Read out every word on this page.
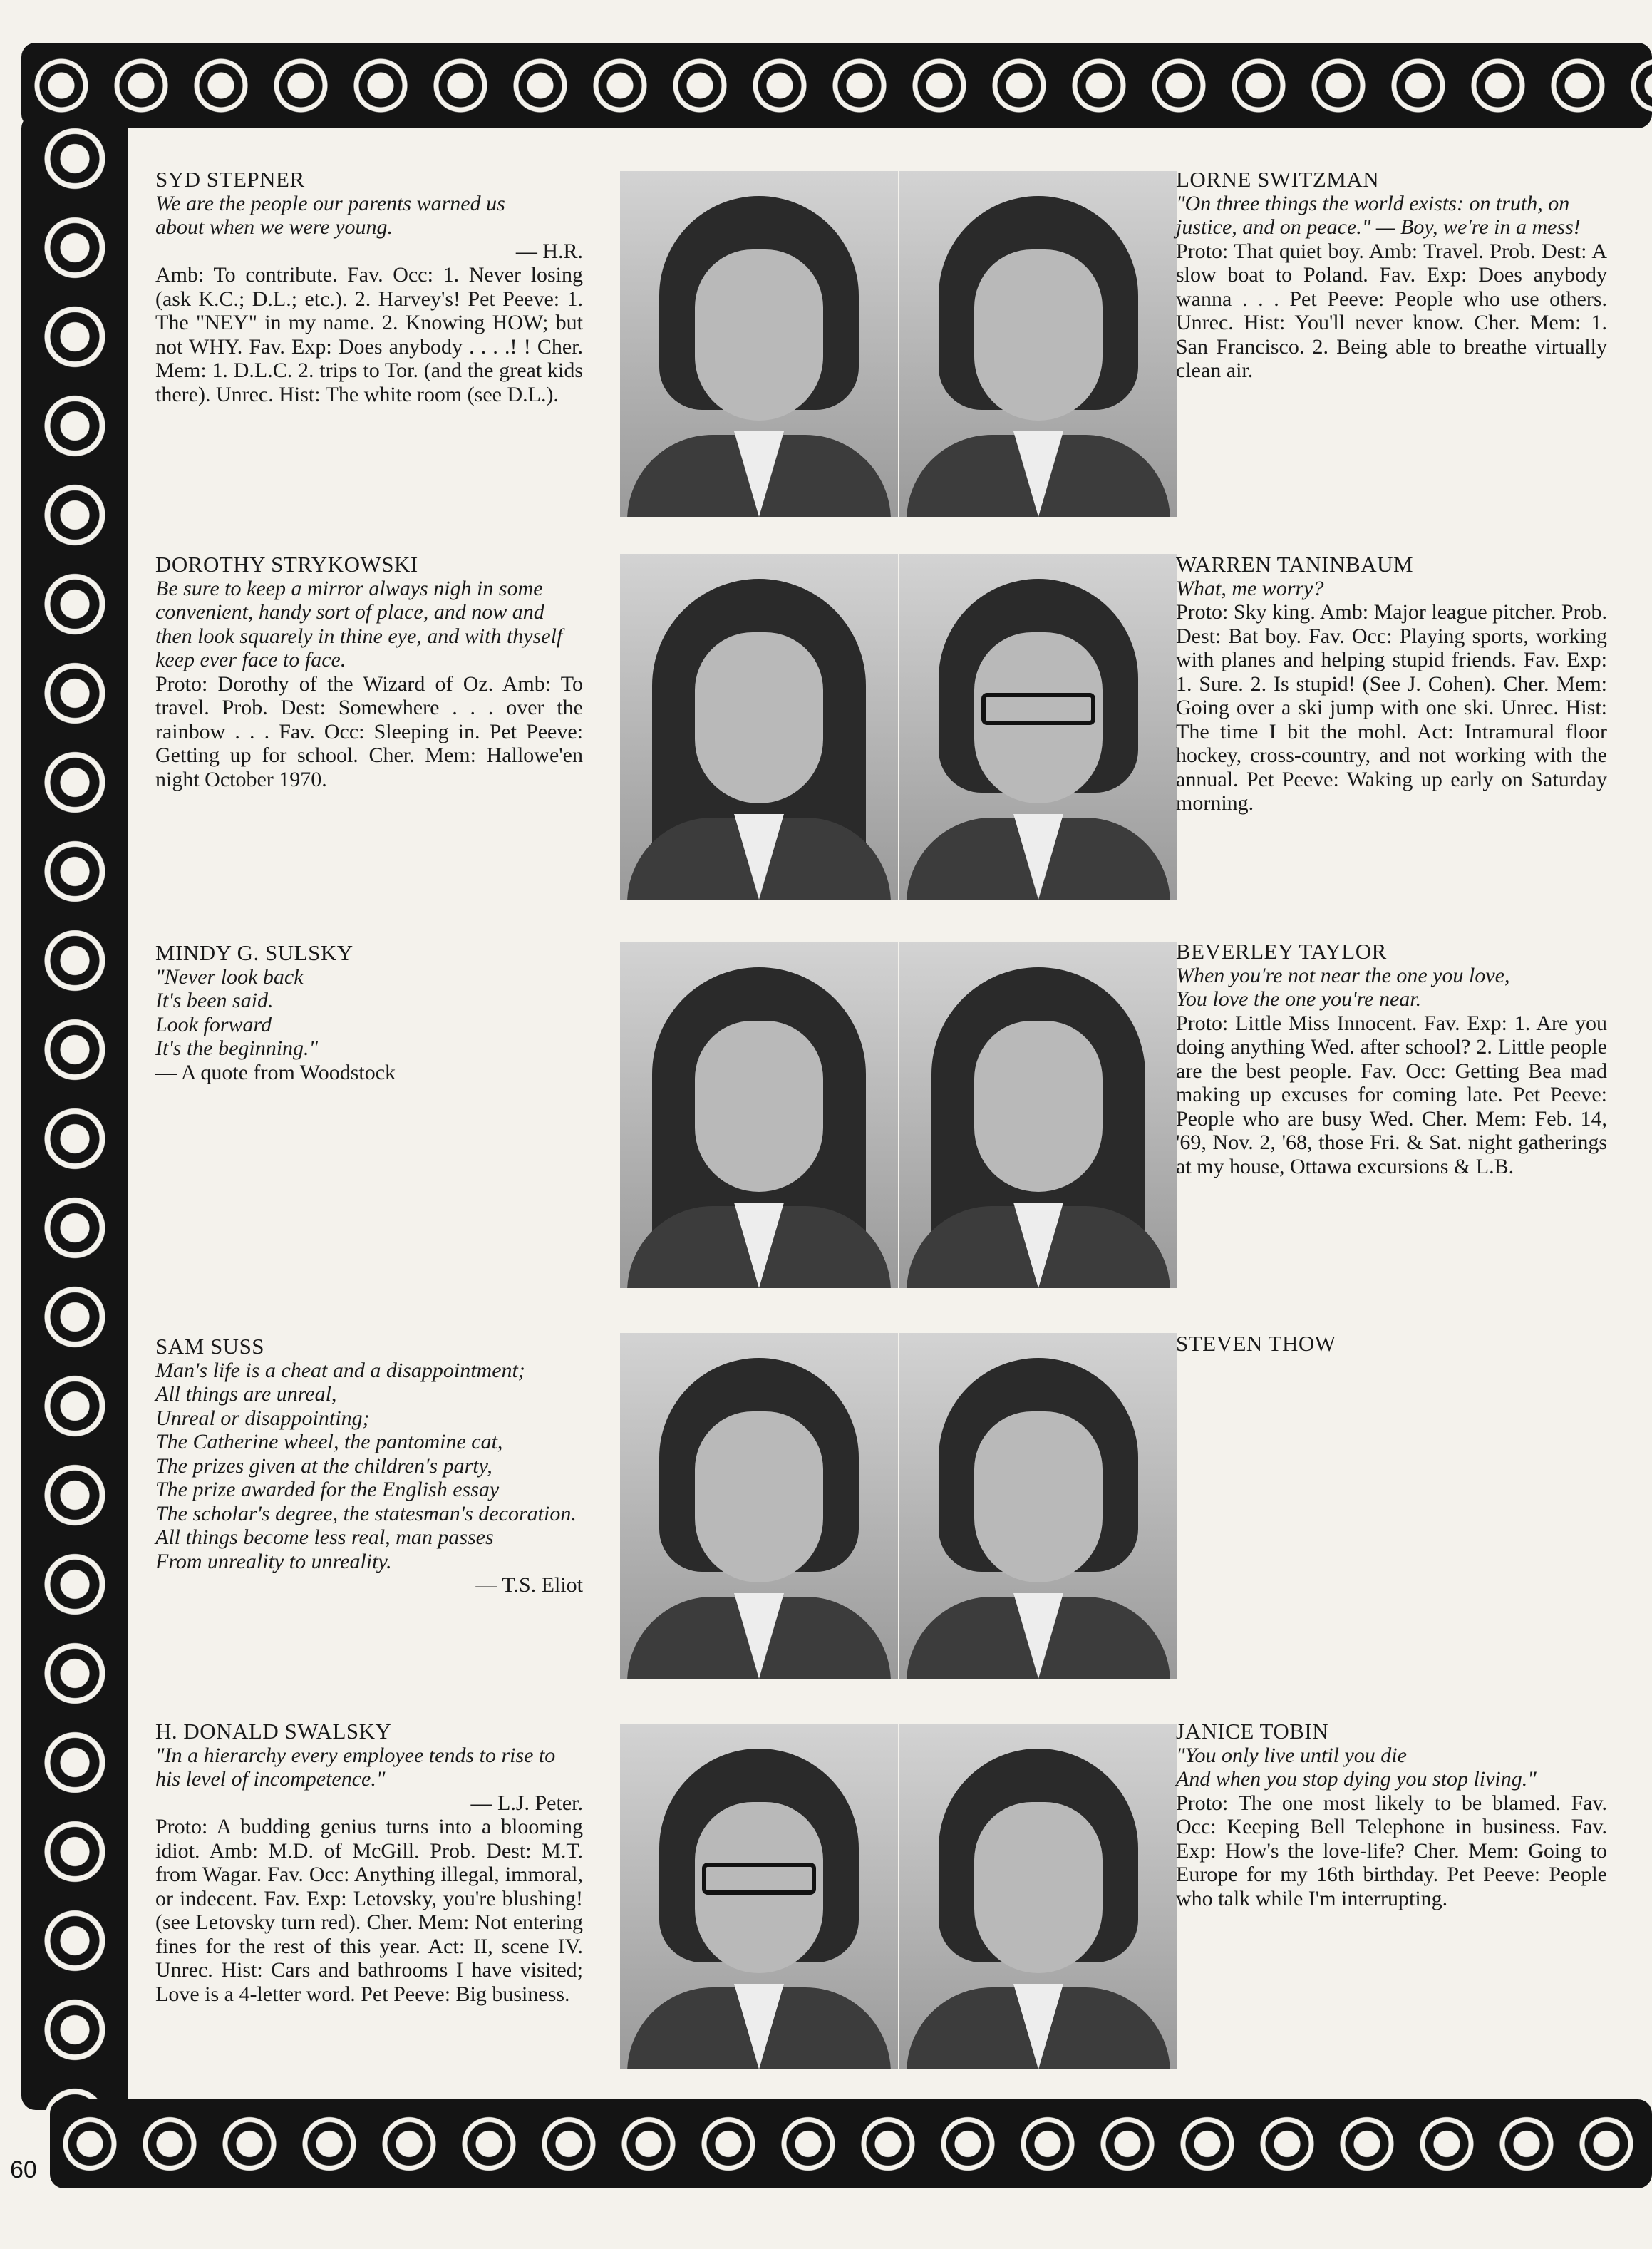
SYD STEPNER
We are the people our parents warned us
about when we were young.
— H.R.
Amb: To contribute. Fav. Occ: 1. Never losing (ask K.C.; D.L.; etc.). 2. Harvey's! Pet Peeve: 1. The "NEY" in my name. 2. Knowing HOW; but not WHY. Fav. Exp: Does anybody . . . .! ! Cher. Mem: 1. D.L.C. 2. trips to Tor. (and the great kids there). Unrec. Hist: The white room (see D.L.).
LORNE SWITZMAN
"On three things the world exists: on truth, on justice, and on peace." — Boy, we're in a mess!
Proto: That quiet boy. Amb: Travel. Prob. Dest: A slow boat to Poland. Fav. Exp: Does anybody wanna . . . Pet Peeve: People who use others. Unrec. Hist: You'll never know. Cher. Mem: 1. San Francisco. 2. Being able to breathe virtually clean air.
DOROTHY STRYKOWSKI
Be sure to keep a mirror always nigh in some convenient, handy sort of place, and now and then look squarely in thine eye, and with thyself keep ever face to face.
Proto: Dorothy of the Wizard of Oz. Amb: To travel. Prob. Dest: Somewhere . . . over the rainbow . . . Fav. Occ: Sleeping in. Pet Peeve: Getting up for school. Cher. Mem: Hallowe'en night October 1970.
WARREN TANINBAUM
What, me worry?
Proto: Sky king. Amb: Major league pitcher. Prob. Dest: Bat boy. Fav. Occ: Playing sports, working with planes and helping stupid friends. Fav. Exp: 1. Sure. 2. Is stupid! (See J. Cohen). Cher. Mem: Going over a ski jump with one ski. Unrec. Hist: The time I bit the mohl. Act: Intramural floor hockey, cross-country, and not working with the annual. Pet Peeve: Waking up early on Saturday morning.
MINDY G. SULSKY
"Never look back
It's been said.
Look forward
It's the beginning."
— A quote from Woodstock
BEVERLEY TAYLOR
When you're not near the one you love,
You love the one you're near.
Proto: Little Miss Innocent. Fav. Exp: 1. Are you doing anything Wed. after school? 2. Little people are the best people. Fav. Occ: Getting Bea mad making up excuses for coming late. Pet Peeve: People who are busy Wed. Cher. Mem: Feb. 14, '69, Nov. 2, '68, those Fri. & Sat. night gatherings at my house, Ottawa excursions & L.B.
SAM SUSS
Man's life is a cheat and a disappointment;
All things are unreal,
Unreal or disappointing;
The Catherine wheel, the pantomine cat,
The prizes given at the children's party,
The prize awarded for the English essay
The scholar's degree, the statesman's decoration.
All things become less real, man passes
From unreality to unreality.
— T.S. Eliot
STEVEN THOW
H. DONALD SWALSKY
"In a hierarchy every employee tends to rise to his level of incompetence."
— L.J. Peter.
Proto: A budding genius turns into a blooming idiot. Amb: M.D. of McGill. Prob. Dest: M.T. from Wagar. Fav. Occ: Anything illegal, immoral, or indecent. Fav. Exp: Letovsky, you're blushing! (see Letovsky turn red). Cher. Mem: Not entering fines for the rest of this year. Act: II, scene IV. Unrec. Hist: Cars and bathrooms I have visited; Love is a 4-letter word. Pet Peeve: Big business.
JANICE TOBIN
"You only live until you die
And when you stop dying you stop living."
Proto: The one most likely to be blamed. Fav. Occ: Keeping Bell Telephone in business. Fav. Exp: How's the love-life? Cher. Mem: Going to Europe for my 16th birthday. Pet Peeve: People who talk while I'm interrupting.
60
